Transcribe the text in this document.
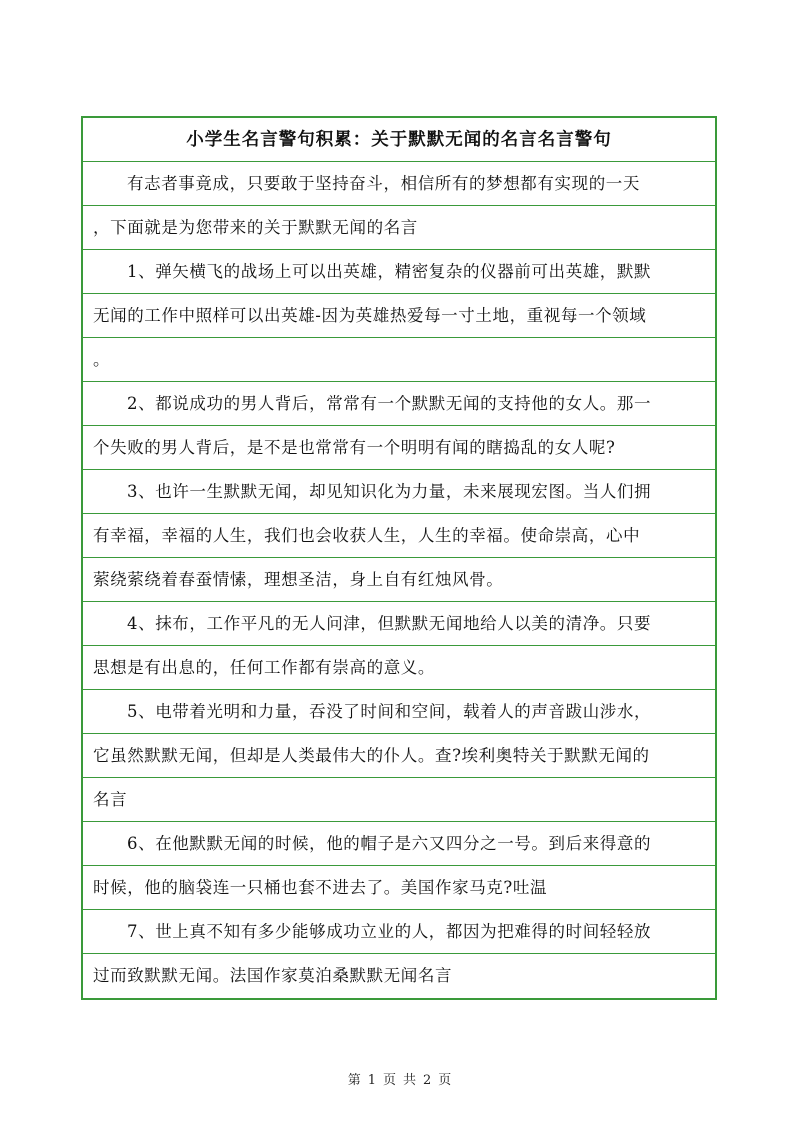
小学生名言警句积累：关于默默无闻的名言名言警句
有志者事竟成，只要敢于坚持奋斗，相信所有的梦想都有实现的一天
，下面就是为您带来的关于默默无闻的名言
1、弹矢横飞的战场上可以出英雄，精密复杂的仪器前可出英雄，默默
无闻的工作中照样可以出英雄-因为英雄热爱每一寸土地，重视每一个领域
。
2、都说成功的男人背后，常常有一个默默无闻的支持他的女人。那一
个失败的男人背后，是不是也常常有一个明明有闻的瞎捣乱的女人呢?
3、也许一生默默无闻，却见知识化为力量，未来展现宏图。当人们拥
有幸福，幸福的人生，我们也会收获人生，人生的幸福。使命崇高，心中
萦绕萦绕着春蚕情愫，理想圣洁，身上自有红烛风骨。
4、抹布，工作平凡的无人问津，但默默无闻地给人以美的清净。只要
思想是有出息的，任何工作都有崇高的意义。
5、电带着光明和力量，吞没了时间和空间，载着人的声音跋山涉水，
它虽然默默无闻，但却是人类最伟大的仆人。查?埃利奥特关于默默无闻的
名言
6、在他默默无闻的时候，他的帽子是六又四分之一号。到后来得意的
时候，他的脑袋连一只桶也套不进去了。美国作家马克?吐温
7、世上真不知有多少能够成功立业的人，都因为把难得的时间轻轻放
过而致默默无闻。法国作家莫泊桑默默无闻名言
第 1 页 共 2 页
